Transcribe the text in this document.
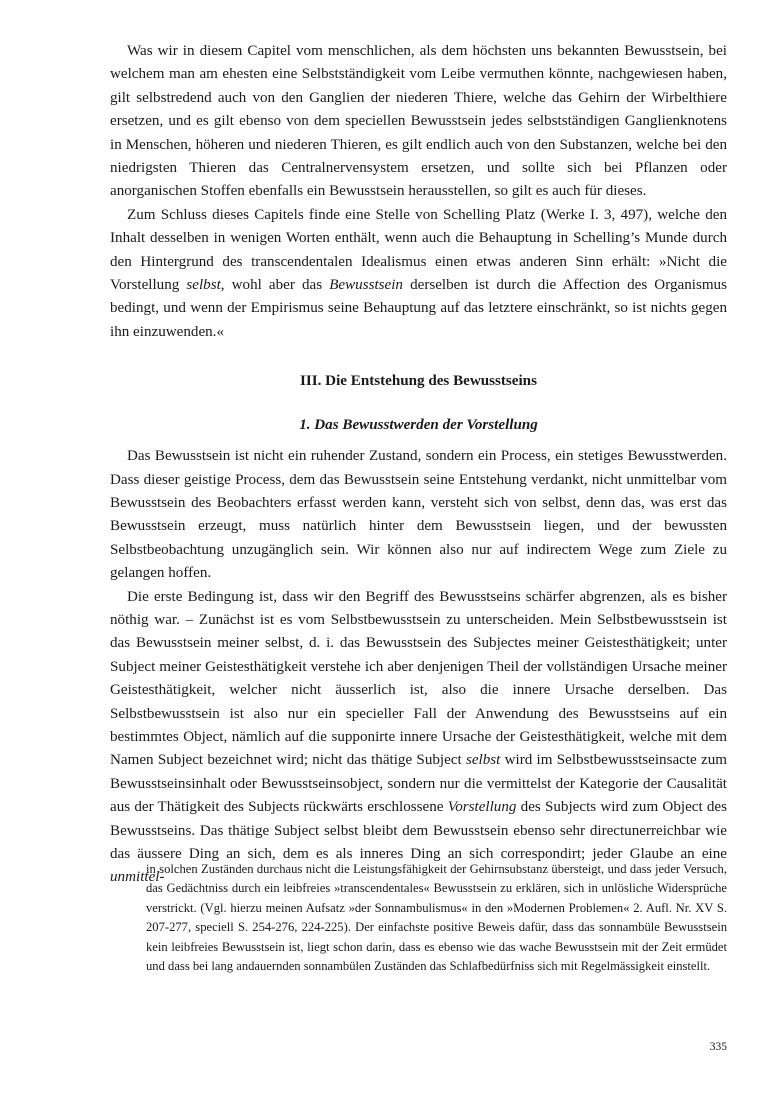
Was wir in diesem Capitel vom menschlichen, als dem höchsten uns bekannten Bewusstsein, bei welchem man am ehesten eine Selbstständigkeit vom Leibe vermuthen könnte, nachgewiesen haben, gilt selbstredend auch von den Ganglien der niederen Thiere, welche das Gehirn der Wirbelthiere ersetzen, und es gilt ebenso von dem speciellen Bewusstsein jedes selbstständigen Ganglienknotens in Menschen, höheren und niederen Thieren, es gilt endlich auch von den Substanzen, welche bei den niedrigsten Thieren das Centralnervensystem ersetzen, und sollte sich bei Pflanzen oder anorganischen Stoffen ebenfalls ein Bewusstsein herausstellen, so gilt es auch für dieses.

Zum Schluss dieses Capitels finde eine Stelle von Schelling Platz (Werke I. 3, 497), welche den Inhalt desselben in wenigen Worten enthält, wenn auch die Behauptung in Schelling’s Munde durch den Hintergrund des transcendentalen Idealismus einen etwas anderen Sinn erhält: »Nicht die Vorstellung selbst, wohl aber das Bewusstsein derselben ist durch die Affection des Organismus bedingt, und wenn der Empirismus seine Behauptung auf das letztere einschränkt, so ist nichts gegen ihn einzuwenden.«

III. Die Entstehung des Bewusstseins
1. Das Bewusstwerden der Vorstellung

Das Bewusstsein ist nicht ein ruhender Zustand, sondern ein Process, ein stetiges Bewusstwerden. Dass dieser geistige Process, dem das Bewusstsein seine Entstehung verdankt, nicht unmittelbar vom Bewusstsein des Beobachters erfasst werden kann, versteht sich von selbst, denn das, was erst das Bewusstsein erzeugt, muss natürlich hinter dem Bewusstsein liegen, und der bewussten Selbstbeobachtung unzugänglich sein. Wir können also nur auf indirectem Wege zum Ziele zu gelangen hoffen.

Die erste Bedingung ist, dass wir den Begriff des Bewusstseins schärfer abgrenzen, als es bisher nöthig war. – Zunächst ist es vom Selbstbewusstsein zu unterscheiden. Mein Selbstbewusstsein ist das Bewusstsein meiner selbst, d. i. das Bewusstsein des Subjectes meiner Geistesthätigkeit; unter Subject meiner Geistesthätigkeit verstehe ich aber denjenigen Theil der vollständigen Ursache meiner Geistesthätigkeit, welcher nicht äusserlich ist, also die innere Ursache derselben. Das Selbstbewusstsein ist also nur ein specieller Fall der Anwendung des Bewusstseins auf ein bestimmtes Object, nämlich auf die supponirte innere Ursache der Geistesthätigkeit, welche mit dem Namen Subject bezeichnet wird; nicht das thätige Subject selbst wird im Selbstbewusstseinsacte zum Bewusstseinsinhalt oder Bewusstseinsobject, sondern nur die vermittelst der Kategorie der Causalität aus der Thätigkeit des Subjects rückwärts erschlossene Vorstellung des Subjects wird zum Object des Bewusstseins. Das thätige Subject selbst bleibt dem Bewusstsein ebenso sehr directunerreichbar wie das äussere Ding an sich, dem es als inneres Ding an sich correspondirt; jeder Glaube an eine unmittel-

in solchen Zuständen durchaus nicht die Leistungsfähigkeit der Gehirnsubstanz übersteigt, und dass jeder Versuch, das Gedächtniss durch ein leibfreies »transcendentales« Bewusstsein zu erklären, sich in unlösliche Widersprüche verstrickt. (Vgl. hierzu meinen Aufsatz »der Sonnambulismus« in den »Modernen Problemen« 2. Aufl. Nr. XV S. 207-277, speciell S. 254-276, 224-225). Der einfachste positive Beweis dafür, dass das sonnambüle Bewusstsein kein leibfreies Bewusstsein ist, liegt schon darin, dass es ebenso wie das wache Bewusstsein mit der Zeit ermüdet und dass bei lang andauernden sonnambülen Zuständen das Schlafbedürfniss sich mit Regelmässigkeit einstellt.

335
